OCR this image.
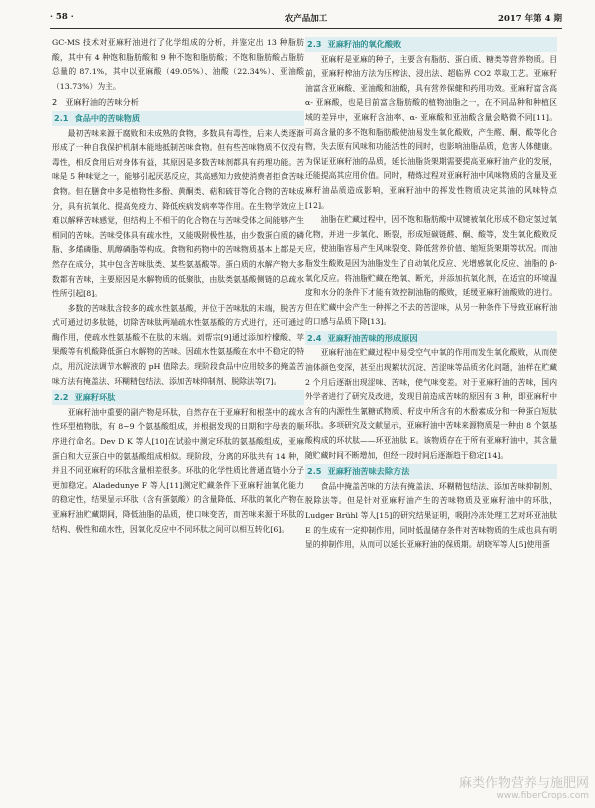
· 58 ·	农产品加工	2017 年第 4 期

GC-MS 技术对亚麻籽油进行了化学组成的分析，并鉴定出 13 种脂肪酸，其中有 4 种饱和脂肪酸和 9 种不饱和脂肪酸；不饱和脂肪酸占脂肪总量的 87.1%，其中以亚麻酸（49.05%）、油酸（22.34%）、亚油酸（13.73%）为主。

2 亚麻籽油的苦味分析
2.1 食品中的苦味物质

最初苦味来源于腐败和未成熟的食物，多数具有毒性，后来人类逐渐形成了一种自我保护机制本能地抵制苦味食物。但有些苦味物质不仅没有毒性，相反食用后对身体有益，其原因是多数苦味剂都具有药理功能。苦味是 5 种味觉之一，能够引起厌恶反应，其高感知力致使消费者拒食苦味食物。但在膳食中多是植物性多酚、黄酮类、萜和硫苷等化合物的苦味成分，具有抗氧化、提高免疫力、降低疾病发病率等作用。在生物学效应上难以解释苦味感觉，但结构上不相干的化合物在与苦味受体之间能够产生相同的苦味。苦味受体具有疏水性，又能吸附极性基，由少数蛋白质的磷脂、多烯磷脂、肌醇磷脂等构成。食物和药物中的苦味物质基本上都是天然存在成分，其中包含苦味肽类、某些氨基酸等。蛋白质的水解产物大多数都有苦味，主要原因是水解物质的低聚肽，由肽类氨基酸侧链的总疏水性所引起[8]。

多数的苦味肽含较多的疏水性氨基酸，并位于苦味肽的末端，脱苦方式可通过切多肽链，切除苦味肽两端疏水性氨基酸的方式进行，还可通过酶作用，使疏水性氨基酸不在肽的末端。刘帮宗[9]通过添加柠檬酸、苹果酸等有机酸降低蛋白水解物的苦味。因疏水性氨基酸在水中不稳定的特点，用沉淀法调节水解液的 pH 值除去。现阶段食品中应用较多的掩盖苦味方法有掩盖法、环糊精包结法、添加苦味抑制剂、脱除法等[7]。

2.2 亚麻籽环肽

亚麻籽油中重要的副产物是环肽，自然存在于亚麻籽和根茎中的疏水性环型植物肽，有 8~9 个氨基酸组成，并根据发现的日期和字母表的顺序进行命名。Dev D K 等人[10]在试验中测定环肽的氨基酸组成，亚麻蛋白和大豆蛋白中的氨基酸组成相似。现阶段，分离的环肽共有 14 种，并且不同亚麻籽的环肽含量相差很多。环肽的化学性质比普通直链小分子更加稳定。Aladedunye F 等人[11]测定贮藏条件下亚麻籽油氧化能力的稳定性，结果显示环肽（含有蛋氨酸）的含量降低、环肽的氧化产物在亚麻籽油贮藏期间，降低油脂的品质，使口味变苦，而苦味来源于环肽的结构、极性和疏水性，因氧化反应中不同环肽之间可以相互转化[6]。

2.3 亚麻籽油的氧化酸败

亚麻籽是亚麻的种子，主要含有脂肪、蛋白质、糖类等营养物质。目前，亚麻籽榨油方法为压榨法、浸出法、超临界 CO2 萃取工艺。亚麻籽油富含亚麻酸、亚油酸和油酸，具有营养保健和药用功效。亚麻籽富含高 α- 亚麻酸，也是目前富含脂肪酸的植物油脂之一，在不同品种和种植区域的差异中，亚麻籽含油率、α- 亚麻酸和亚油酸含量会略微不同[11]。可高含量的多不饱和脂肪酸使油易发生氧化酸败，产生醛、酮、酸等化合物，失去原有风味和功能活性的同时，也影响油脂品质，危害人体健康。为保证亚麻籽油的品质，延长油脂货架期需要提高亚麻籽油产业的发展，还能提高其应用价值。同时，精炼过程对亚麻籽油中风味物质的含量及亚麻籽油品质造成影响，亚麻籽油中的挥发性物质决定其油的风味特点[12]。

油脂在贮藏过程中，因不饱和脂肪酸中双键被氧化形成不稳定氢过氧化物，并进一步氧化、断裂，形成短碳链醛、酮、酸等，发生氧化酸败反应，使油脂容易产生风味裂变、降低营养价值、缩短货架期等状况。而油脂发生酸败是因为油脂发生了自动氧化反应、光增感氧化反应、油脂的 β- 氧化反应。将油脂贮藏在绝氧、断光，并添加抗氧化剂，在适宜的环境温度和水分的条件下才能有效控制油脂的酸败，延缓亚麻籽油酸败的进行。但在贮藏中会产生一种挥之不去的苦涩味，从另一种条件下导致亚麻籽油的口感与品质下降[13]。

2.4 亚麻籽油苦味的形成原因

亚麻籽油在贮藏过程中易受空气中氧的作用而发生氧化酸败，从而使油体颜色变深，甚至出现絮状沉淀、苦涩味等品质劣化问题，油样在贮藏 2 个月后逐渐出现涩味、苦味，使气味变差。对于亚麻籽油的苦味，国内外学者进行了研究及改进，发现目前造成苦味的原因有 3 种，即亚麻籽中含有的内源性生氰糖甙物质、籽皮中所含有的木酚素成分和一种蛋白短肽环肽。多项研究及文献显示，亚麻籽油中苦味来源物质是一种由 8 个氨基酸构成的环状肽——环亚油肽 E。该物质存在于所有亚麻籽油中，其含量随贮藏时间不断增加，但经一段时间后逐渐趋于稳定[14]。

2.5 亚麻籽油苦味去除方法

食品中掩盖苦味的方法有掩盖法、环糊精包结法、添加苦味抑制剂、脱除法等。但是针对亚麻籽油产生的苦味物质及亚麻籽油中的环肽，Ludger Brühl 等人[15]的研究结果证明，吸附冷冻处理工艺对环亚油肽 E 的生成有一定抑制作用，同时低温储存条件对苦味物质的生成也具有明显的抑制作用，从而可以延长亚麻籽油的保质期。胡晓军等人[5]使用蛋

麻类作物营养与施肥网
www.fiberCrops.com
